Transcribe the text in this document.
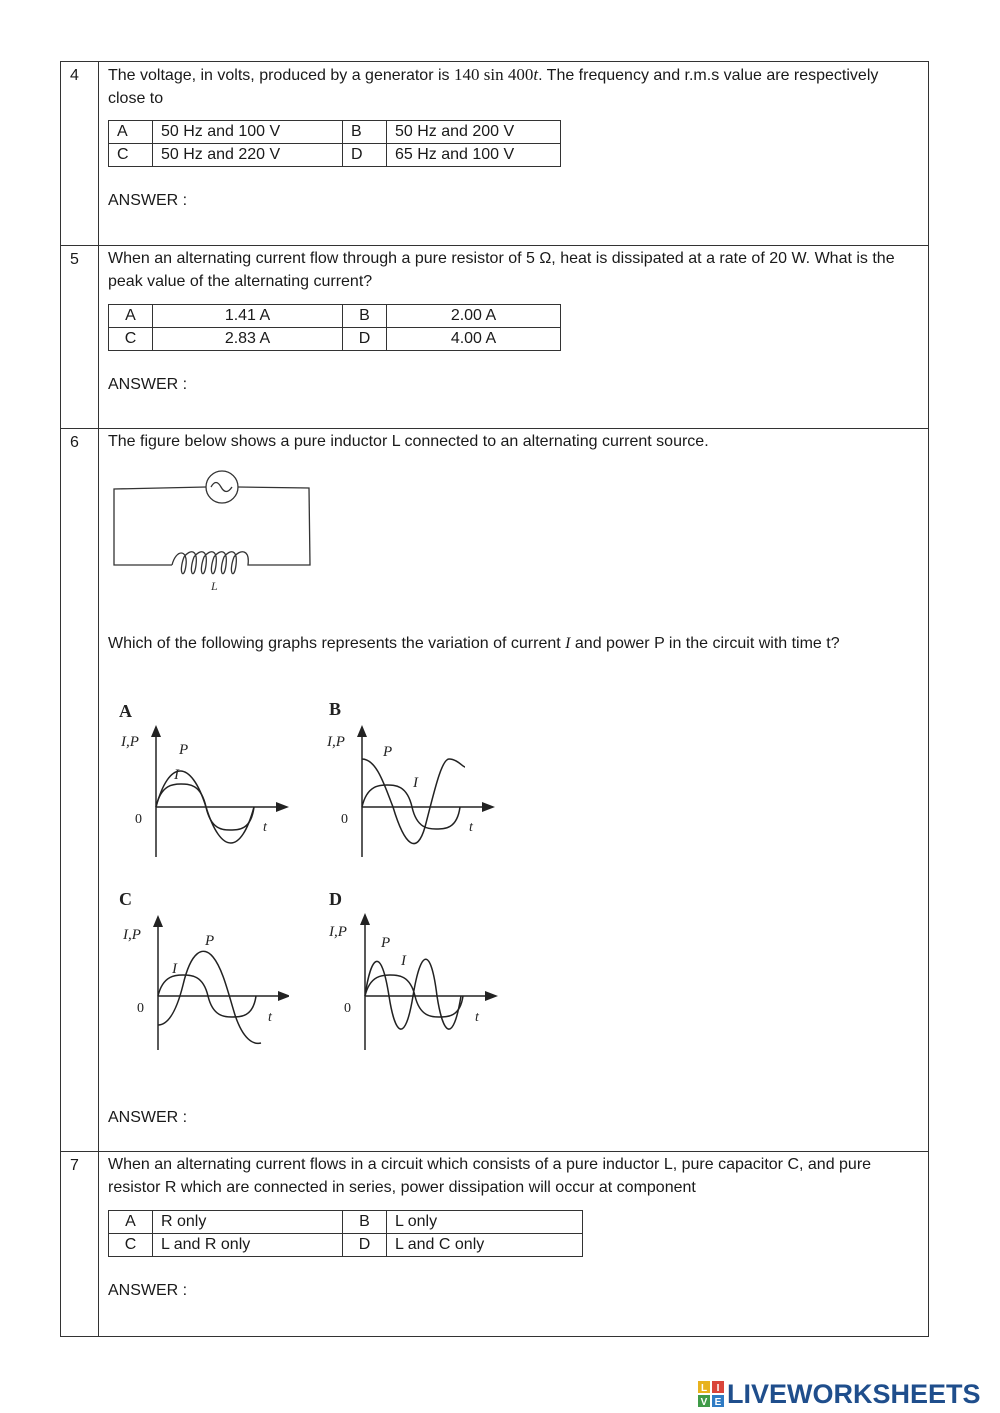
4	The voltage, in volts, produced by a generator is 140 sin 400t. The frequency and r.m.s value are respectively close to
A	50 Hz and 100 V	B	50 Hz and 200 V
C	50 Hz and 220 V	D	65 Hz and 100 V
ANSWER :

5	When an alternating current flow through a pure resistor of 5 Ω, heat is dissipated at a rate of 20 W. What is the peak value of the alternating current?
A	1.41 A	B	2.00 A
C	2.83 A	D	4.00 A
ANSWER :

6	The figure below shows a pure inductor L connected to an alternating current source.
L
Which of the following graphs represents the variation of current I and power P in the circuit with time t?
A
I,P	P
I
0
t
B
I,P
P
I
0
t
C
I,P	P
I
0
t
D
I,P
P
I
0
t
ANSWER :

7	When an alternating current flows in a circuit which consists of a pure inductor L, pure capacitor C, and pure resistor R which are connected in series, power dissipation will occur at component
A	R only	B	L only
C	L and R only	D	L and C only
ANSWER :
L I
V E LIVEWORKSHEETS
